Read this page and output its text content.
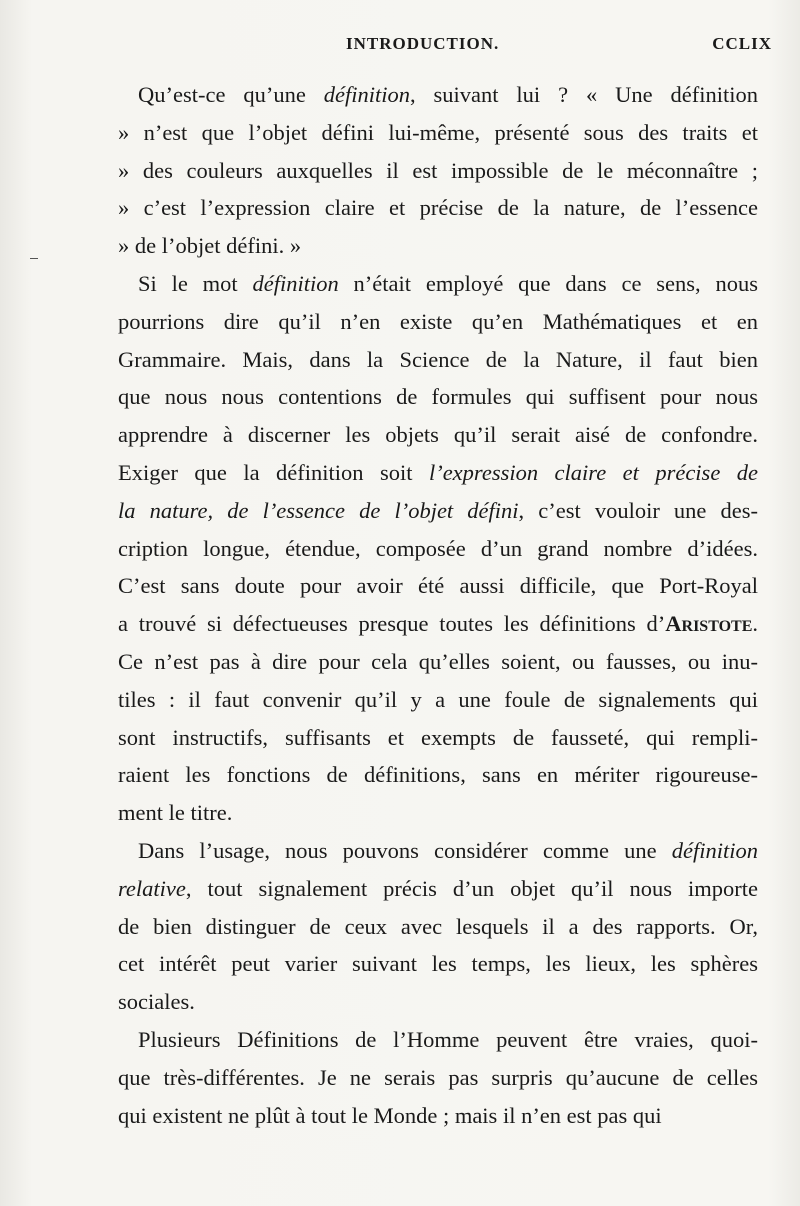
INTRODUCTION.	CCLIX
Qu’est-ce qu’une définition, suivant lui ? « Une définition
» n’est que l’objet défini lui-même, présenté sous des traits et
» des couleurs auxquelles il est impossible de le méconnaître ;
» c’est l’expression claire et précise de la nature, de l’essence
» de l’objet défini. »
Si le mot définition n’était employé que dans ce sens, nous
pourrions dire qu’il n’en existe qu’en Mathématiques et en
Grammaire. Mais, dans la Science de la Nature, il faut bien
que nous nous contentions de formules qui suffisent pour nous
apprendre à discerner les objets qu’il serait aisé de confondre.
Exiger que la définition soit l’expression claire et précise de
la nature, de l’essence de l’objet défini, c’est vouloir une des-
cription longue, étendue, composée d’un grand nombre d’idées.
C’est sans doute pour avoir été aussi difficile, que Port-Royal
a trouvé si défectueuses presque toutes les définitions d’Aristote.
Ce n’est pas à dire pour cela qu’elles soient, ou fausses, ou inu-
tiles : il faut convenir qu’il y a une foule de signalements qui
sont instructifs, suffisants et exempts de fausseté, qui rempli-
raient les fonctions de définitions, sans en mériter rigoureuse-
ment le titre.
Dans l’usage, nous pouvons considérer comme une définition
relative, tout signalement précis d’un objet qu’il nous importe
de bien distinguer de ceux avec lesquels il a des rapports. Or,
cet intérêt peut varier suivant les temps, les lieux, les sphères
sociales.
Plusieurs Définitions de l’Homme peuvent être vraies, quoi-
que très-différentes. Je ne serais pas surpris qu’aucune de celles
qui existent ne plût à tout le Monde ; mais il n’en est pas qui
